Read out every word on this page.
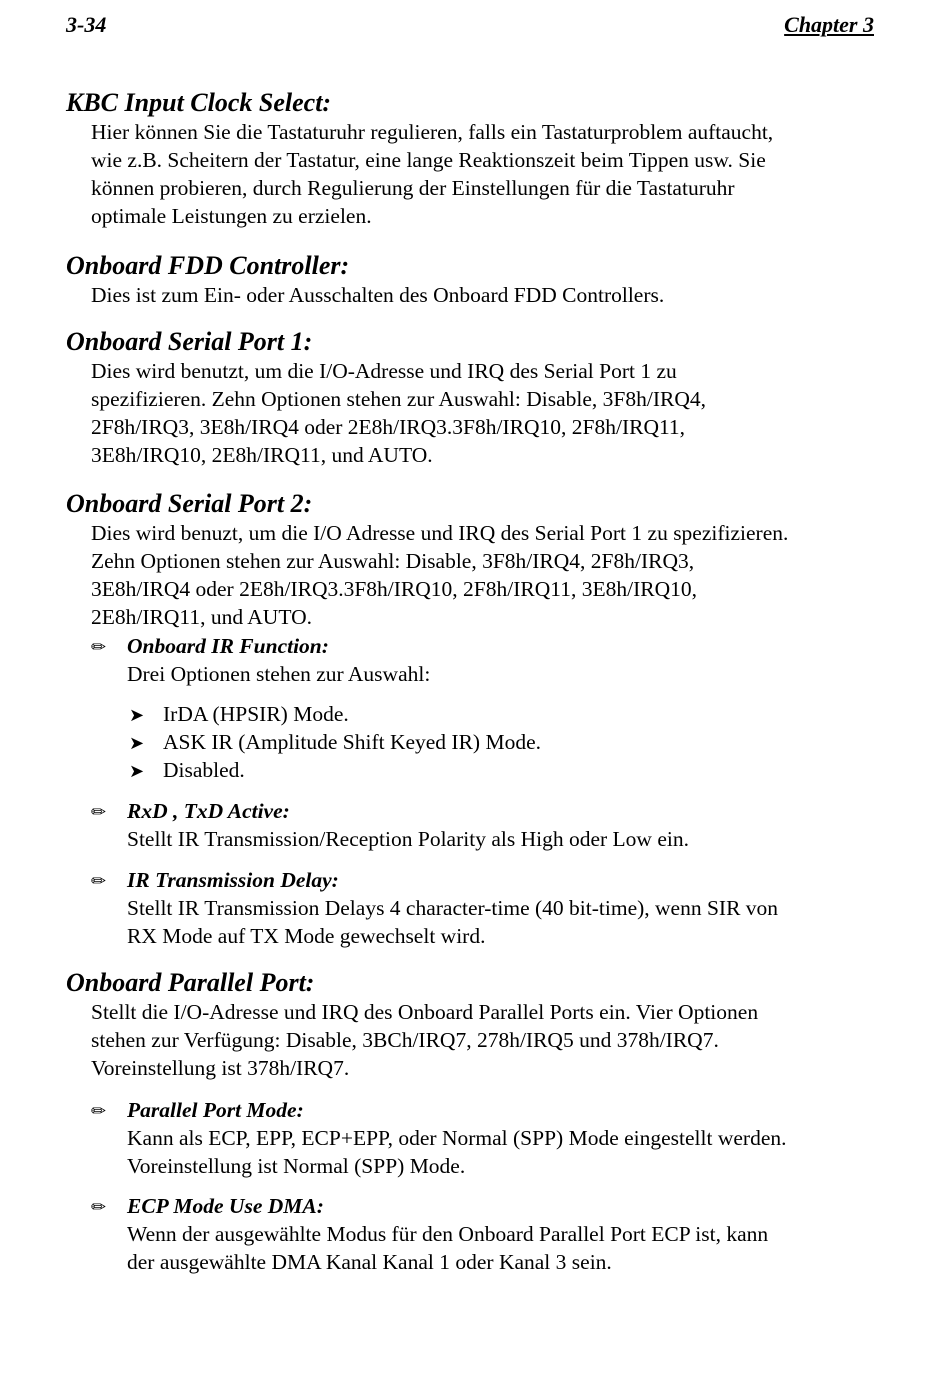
3-34	Chapter 3
KBC Input Clock Select:
Hier können Sie die Tastaturuhr regulieren, falls ein Tastaturproblem auftaucht,
wie z.B. Scheitern der Tastatur, eine lange Reaktionszeit beim Tippen usw. Sie
können probieren, durch Regulierung der Einstellungen für die Tastaturuhr
optimale Leistungen zu erzielen.
Onboard FDD Controller:
Dies ist zum Ein- oder Ausschalten des Onboard FDD Controllers.
Onboard Serial Port 1:
Dies wird benutzt, um die I/O-Adresse und IRQ des Serial Port 1 zu
spezifizieren. Zehn Optionen stehen zur Auswahl: Disable, 3F8h/IRQ4,
2F8h/IRQ3, 3E8h/IRQ4 oder 2E8h/IRQ3.3F8h/IRQ10, 2F8h/IRQ11,
3E8h/IRQ10, 2E8h/IRQ11, und AUTO.
Onboard Serial Port 2:
Dies wird benuzt, um die I/O Adresse und IRQ des Serial Port 1 zu spezifizieren.
Zehn Optionen stehen zur Auswahl: Disable, 3F8h/IRQ4, 2F8h/IRQ3,
3E8h/IRQ4 oder 2E8h/IRQ3.3F8h/IRQ10, 2F8h/IRQ11, 3E8h/IRQ10,
2E8h/IRQ11, und AUTO.
✏︎ Onboard IR Function:
Drei Optionen stehen zur Auswahl:
➤ IrDA (HPSIR) Mode.
➤ ASK IR (Amplitude Shift Keyed IR) Mode.
➤ Disabled.
✏︎ RxD , TxD Active:
Stellt IR Transmission/Reception Polarity als High oder Low ein.
✏︎ IR Transmission Delay:
Stellt IR Transmission Delays 4 character-time (40 bit-time), wenn SIR von
RX Mode auf TX Mode gewechselt wird.
Onboard Parallel Port:
Stellt die I/O-Adresse und IRQ des Onboard Parallel Ports ein. Vier Optionen
stehen zur Verfügung: Disable, 3BCh/IRQ7, 278h/IRQ5 und 378h/IRQ7.
Voreinstellung ist 378h/IRQ7.
✏︎ Parallel Port Mode:
Kann als ECP, EPP, ECP+EPP, oder Normal (SPP) Mode eingestellt werden.
Voreinstellung ist Normal (SPP) Mode.
✏︎ ECP Mode Use DMA:
Wenn der ausgewählte Modus für den Onboard Parallel Port ECP ist, kann
der ausgewählte DMA Kanal Kanal 1 oder Kanal 3 sein.
